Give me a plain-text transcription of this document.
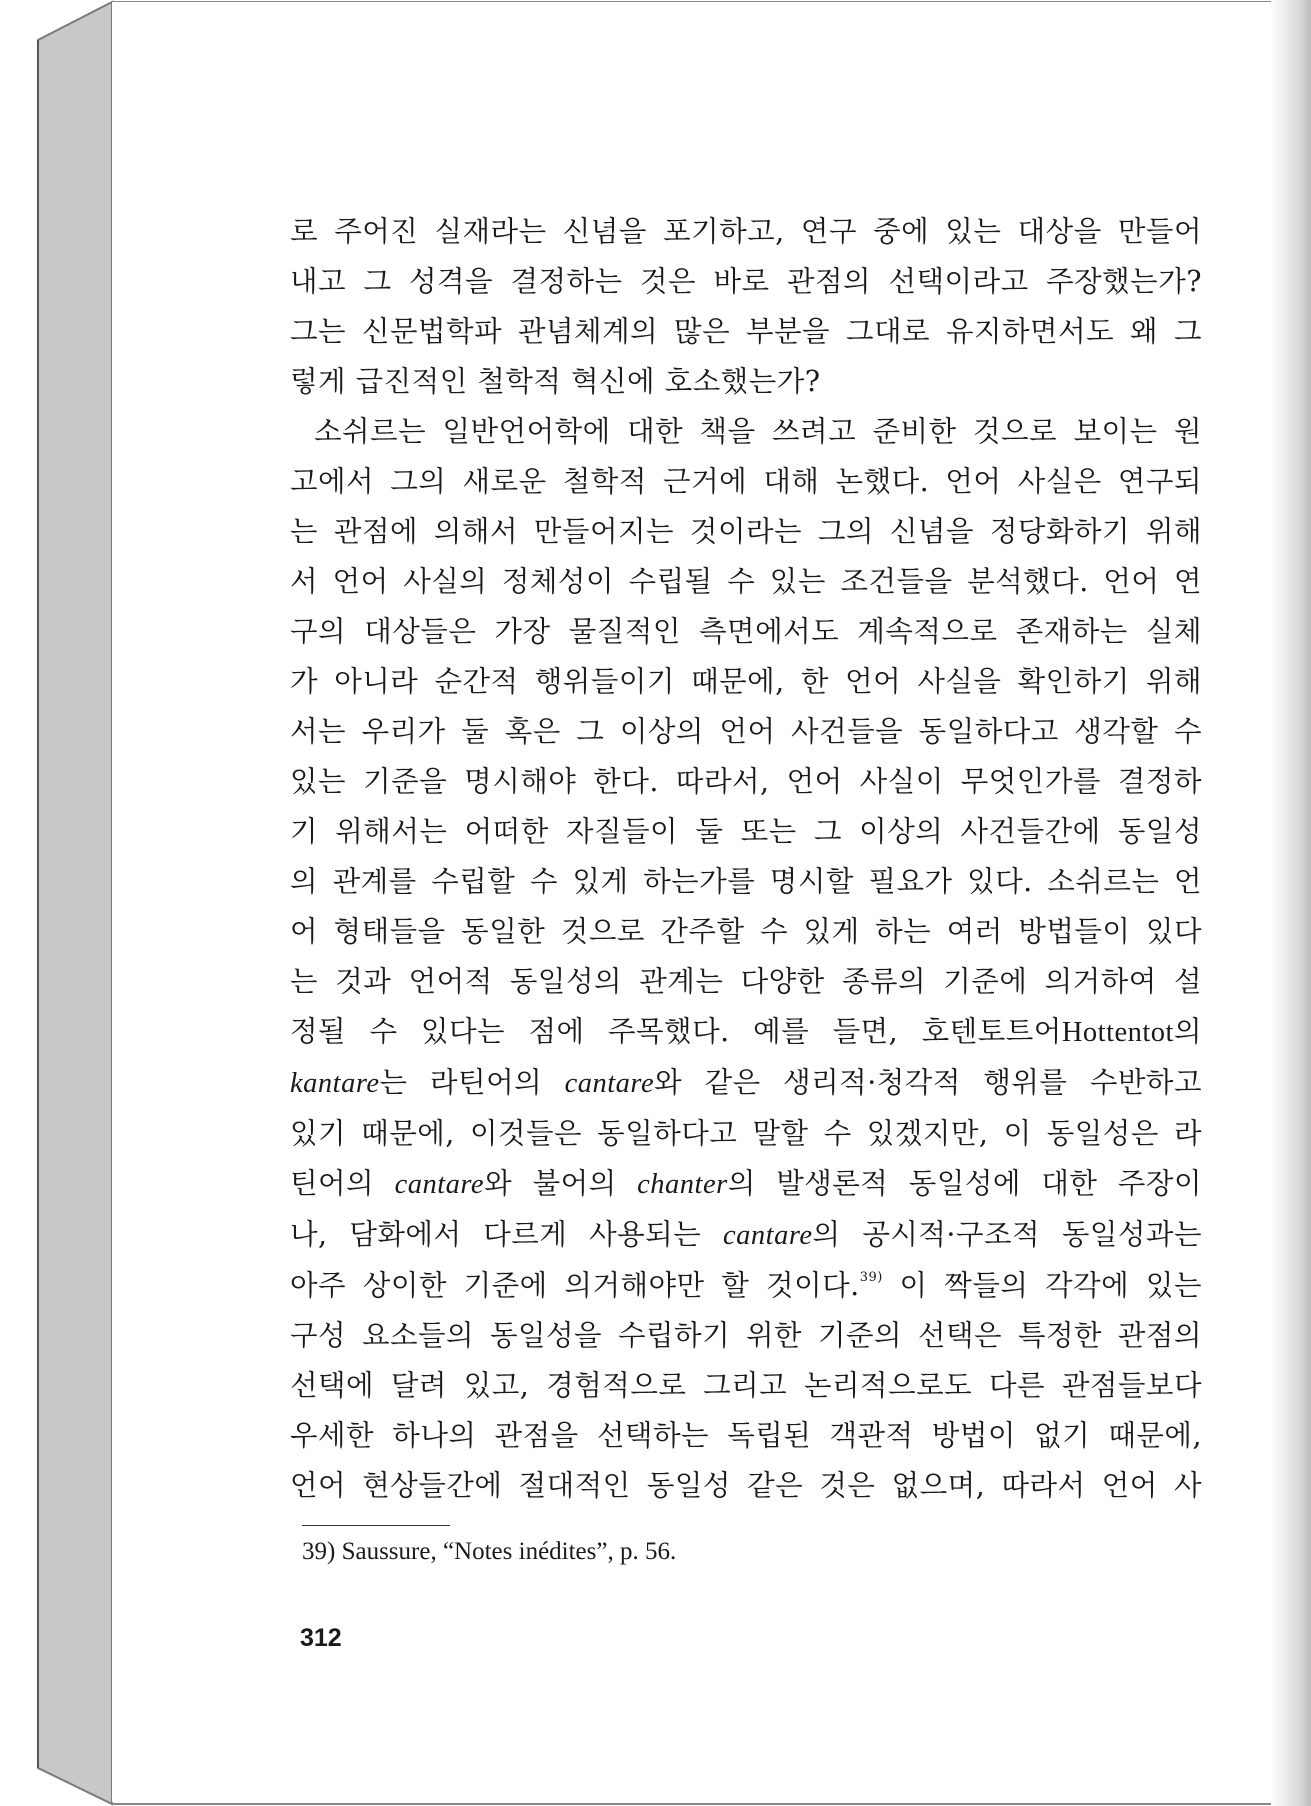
로 주어진 실재라는 신념을 포기하고, 연구 중에 있는 대상을 만들어
내고 그 성격을 결정하는 것은 바로 관점의 선택이라고 주장했는가?
그는 신문법학파 관념체계의 많은 부분을 그대로 유지하면서도 왜 그
렇게 급진적인 철학적 혁신에 호소했는가?

소쉬르는 일반언어학에 대한 책을 쓰려고 준비한 것으로 보이는 원
고에서 그의 새로운 철학적 근거에 대해 논했다. 언어 사실은 연구되
는 관점에 의해서 만들어지는 것이라는 그의 신념을 정당화하기 위해
서 언어 사실의 정체성이 수립될 수 있는 조건들을 분석했다. 언어 연
구의 대상들은 가장 물질적인 측면에서도 계속적으로 존재하는 실체
가 아니라 순간적 행위들이기 때문에, 한 언어 사실을 확인하기 위해
서는 우리가 둘 혹은 그 이상의 언어 사건들을 동일하다고 생각할 수
있는 기준을 명시해야 한다. 따라서, 언어 사실이 무엇인가를 결정하
기 위해서는 어떠한 자질들이 둘 또는 그 이상의 사건들간에 동일성
의 관계를 수립할 수 있게 하는가를 명시할 필요가 있다. 소쉬르는 언
어 형태들을 동일한 것으로 간주할 수 있게 하는 여러 방법들이 있다
는 것과 언어적 동일성의 관계는 다양한 종류의 기준에 의거하여 설
정될 수 있다는 점에 주목했다. 예를 들면, 호텐토트어Hottentot의
kantare는 라틴어의 cantare와 같은 생리적·청각적 행위를 수반하고
있기 때문에, 이것들은 동일하다고 말할 수 있겠지만, 이 동일성은 라
틴어의 cantare와 불어의 chanter의 발생론적 동일성에 대한 주장이
나, 담화에서 다르게 사용되는 cantare의 공시적·구조적 동일성과는
아주 상이한 기준에 의거해야만 할 것이다.$^{39)}$ 이 짝들의 각각에 있는
구성 요소들의 동일성을 수립하기 위한 기준의 선택은 특정한 관점의
선택에 달려 있고, 경험적으로 그리고 논리적으로도 다른 관점들보다
우세한 하나의 관점을 선택하는 독립된 객관적 방법이 없기 때문에,
언어 현상들간에 절대적인 동일성 같은 것은 없으며, 따라서 언어 사

39) Saussure, “Notes inédites”, p. 56.
312
